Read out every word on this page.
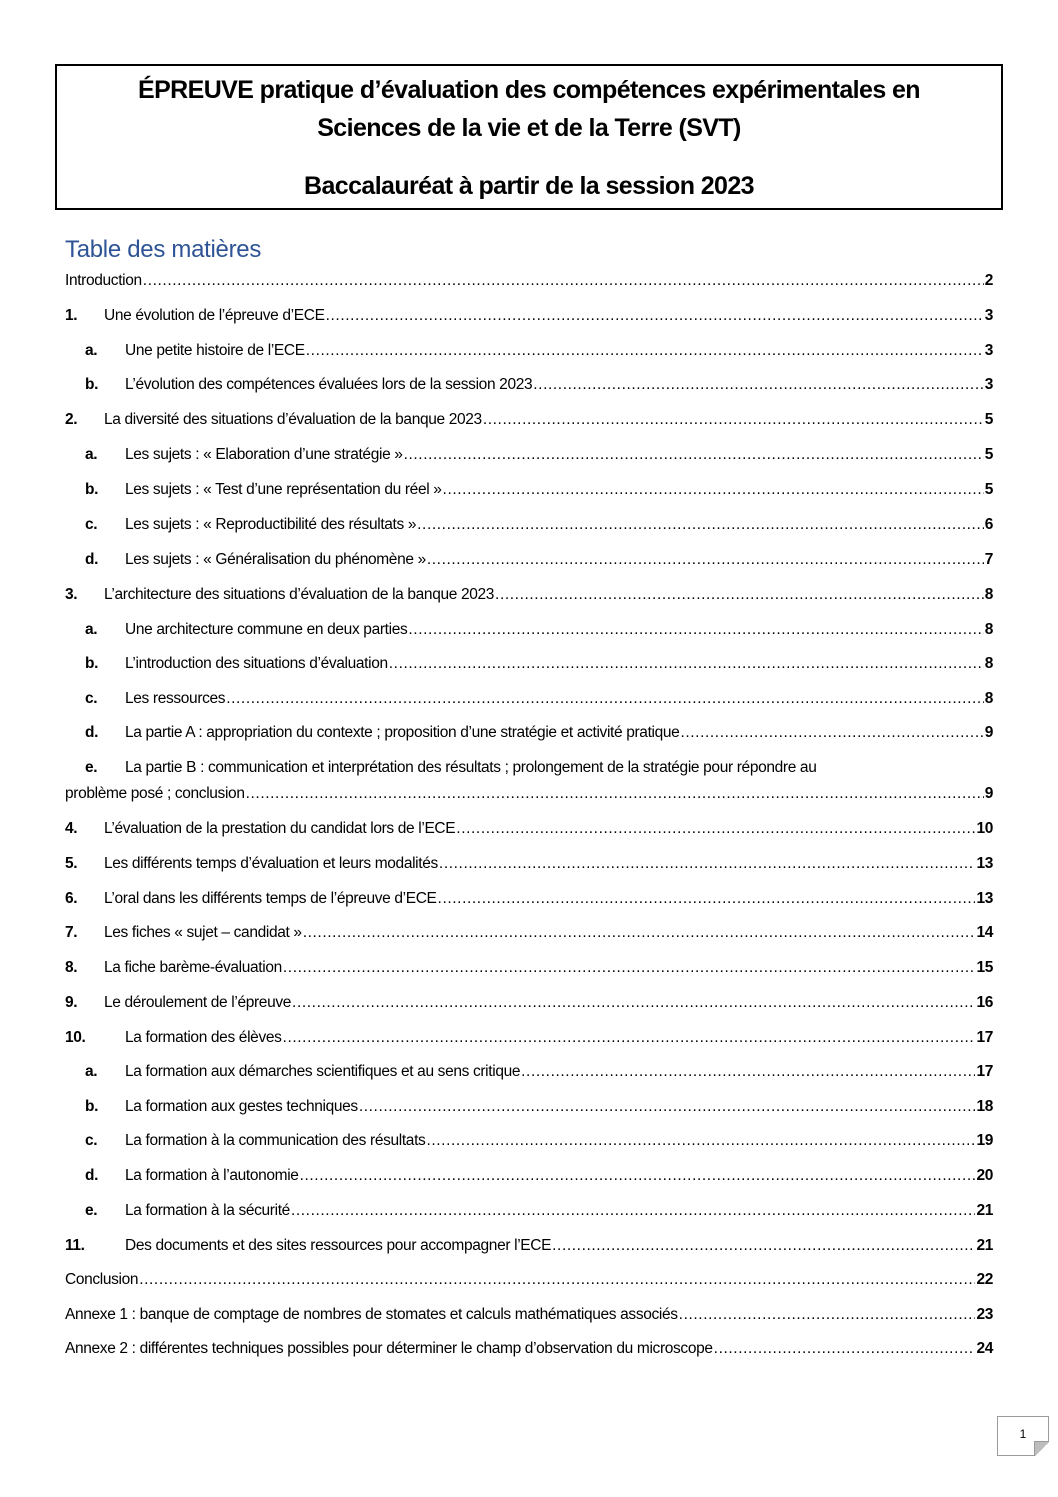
ÉPREUVE pratique d’évaluation des compétences expérimentales en
Sciences de la vie et de la Terre (SVT)
Baccalauréat à partir de la session 2023
Table des matières
Introduction .....	2
1.	Une évolution de l’épreuve d’ECE .....	3
a.	Une petite histoire de l’ECE .....	3
b.	L’évolution des compétences évaluées lors de la session 2023 .....	3
2.	La diversité des situations d’évaluation de la banque 2023 .....	5
a.	Les sujets : « Elaboration d’une stratégie » .....	5
b.	Les sujets : « Test d’une représentation du réel » .....	5
c.	Les sujets : « Reproductibilité des résultats » .....	6
d.	Les sujets : « Généralisation du phénomène » .....	7
3.	L’architecture des situations d’évaluation de la banque 2023 .....	8
a.	Une architecture commune en deux parties .....	8
b.	L’introduction des situations d’évaluation .....	8
c.	Les ressources .....	8
d.	La partie A : appropriation du contexte ; proposition d’une stratégie et activité pratique .....	9
e. La partie B : communication et interprétation des résultats ; prolongement de la stratégie pour répondre au
problème posé ; conclusion .....	9
4.	L’évaluation de la prestation du candidat lors de l’ECE .....	10
5.	Les différents temps d’évaluation et leurs modalités .....	13
6.	L’oral dans les différents temps de l’épreuve d’ECE .....	13
7.	Les fiches « sujet – candidat » .....	14
8.	La fiche barème-évaluation .....	15
9.	Le déroulement de l’épreuve .....	16
10.	La formation des élèves .....	17
a.	La formation aux démarches scientifiques et au sens critique .....	17
b.	La formation aux gestes techniques .....	18
c.	La formation à la communication des résultats .....	19
d.	La formation à l’autonomie .....	20
e.	La formation à la sécurité .....	21
11.	Des documents et des sites ressources pour accompagner l’ECE .....	21
Conclusion .....	22
Annexe 1 : banque de comptage de nombres de stomates et calculs mathématiques associés .....	23
Annexe 2 : différentes techniques possibles pour déterminer le champ d’observation du microscope .....	24
1
